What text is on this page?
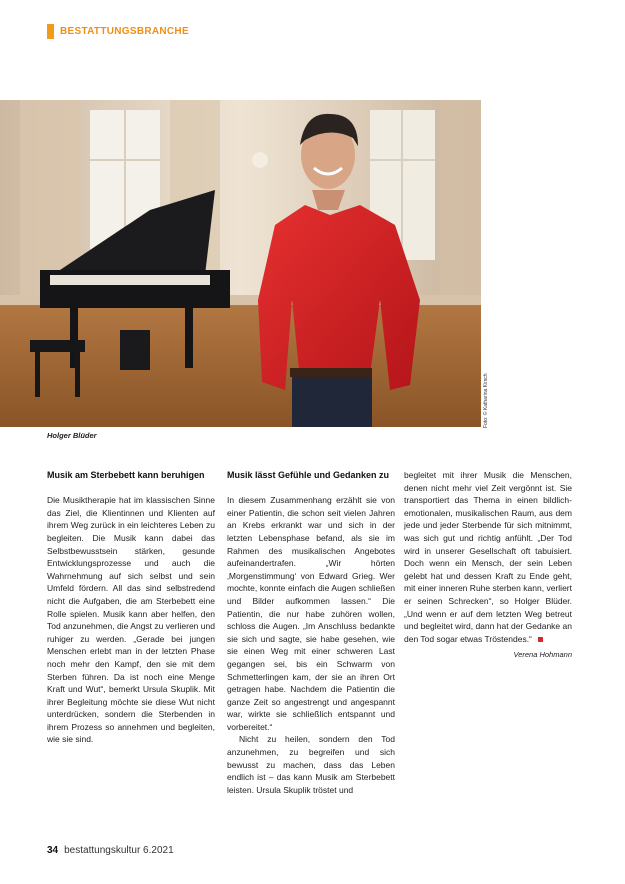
BESTATTUNGSBRANCHE
Foto: © Katharina Kirsch
Holger Blüder
Musik am Sterbebett kann beruhigen

Die Musiktherapie hat im klassischen Sinne das Ziel, die Klientinnen und Klienten auf ihrem Weg zurück in ein leichteres Leben zu begleiten. Die Musik kann dabei das Selbstbewusstsein stärken, gesunde Entwicklungsprozesse und auch die Wahrnehmung auf sich selbst und sein Umfeld fördern. All das sind selbstredend nicht die Aufgaben, die am Sterbebett eine Rolle spielen. Musik kann aber helfen, den Tod anzunehmen, die Angst zu verlieren und ruhiger zu werden. „Gerade bei jungen Menschen erlebt man in der letzten Phase noch mehr den Kampf, den sie mit dem Sterben führen. Da ist noch eine Menge Kraft und Wut“, bemerkt Ursula Skuplik. Mit ihrer Begleitung möchte sie diese Wut nicht unterdrücken, sondern die Sterbenden in ihrem Prozess so annehmen und begleiten, wie sie sind.

Musik lässt Gefühle und Gedanken zu

In diesem Zusammenhang erzählt sie von einer Patientin, die schon seit vielen Jahren an Krebs erkrankt war und sich in der letzten Lebensphase befand, als sie im Rahmen des musikalischen Angebotes aufeinandertrafen. „Wir hörten ‚Morgenstimmung‘ von Edward Grieg. Wer mochte, konnte einfach die Augen schließen und Bilder aufkommen lassen.“ Die Patientin, die nur habe zuhören wollen, schloss die Augen. „Im Anschluss bedankte sie sich und sagte, sie habe gesehen, wie sie einen Weg mit einer schweren Last gegangen sei, bis ein Schwarm von Schmetterlingen kam, der sie an ihren Ort getragen habe. Nachdem die Patientin die ganze Zeit so angestrengt und angespannt war, wirkte sie schließlich entspannt und vorbereitet.“

Nicht zu heilen, sondern den Tod anzunehmen, zu begreifen und sich bewusst zu machen, dass das Leben endlich ist – das kann Musik am Sterbebett leisten. Ursula Skuplik tröstet und

begleitet mit ihrer Musik die Menschen, denen nicht mehr viel Zeit vergönnt ist. Sie transportiert das Thema in einen bildlich-emotionalen, musikalischen Raum, aus dem jede und jeder Sterbende für sich mitnimmt, was sich gut und richtig anfühlt. „Der Tod wird in unserer Gesellschaft oft tabuisiert. Doch wenn ein Mensch, der sein Leben gelebt hat und dessen Kraft zu Ende geht, mit einer inneren Ruhe sterben kann, verliert er seinen Schrecken“, so Holger Blüder. „Und wenn er auf dem letzten Weg betreut und begleitet wird, dann hat der Gedanke an den Tod sogar etwas Tröstendes.“

Verena Hohmann

34 bestattungskultur 6.2021
